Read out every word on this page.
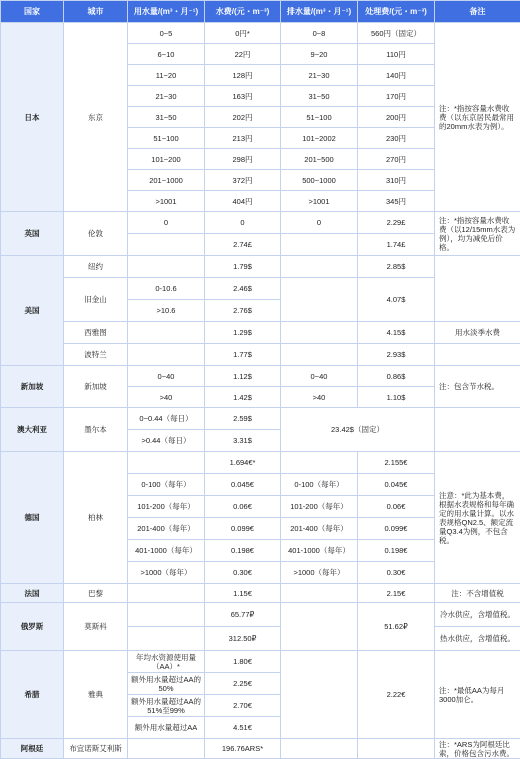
国家	城市	用水量/(m³・月⁻¹)	水费/(元・m⁻³)	排水量/(m³・月⁻¹)	处理费/(元・m⁻³)	备注
日本	东京	0~5	0円*	0~8	560円（固定）	注：*指按容量水费收费（以东京居民最常用的20mm水表为例）。
		6~10	22円	9~20	110円	
		11~20	128円	21~30	140円	
		21~30	163円	31~50	170円	
		31~50	202円	51~100	200円	
		51~100	213円	101~2002	230円	
		101~200	298円	201~500	270円	
		201~1000	372円	500~1000	310円	
		>1001	404円	>1001	345円	
英国	伦敦	0	0	0	2.29£	注：*指按容量水费收费（以12/15mm水表为例），均为减免后价格。
			2.74£		1.74£	
美国	纽约		1.79$		2.85$	
	旧金山	0-10.6	2.46$		4.07$	
		>10.6	2.76$			
	西雅图		1.29$		4.15$	用水淡季水费
	波特兰		1.77$		2.93$	
新加坡	新加坡	0~40	1.12$	0~40	0.86$	注：包含节水税。
		>40	1.42$	>40	1.10$	
澳大利亚	墨尔本	0~0.44（每日）	2.59$	23.42$（固定）		
		>0.44（每日）	3.31$			
德国	柏林		1.694€*		2.155€	注意：*此为基本费，根据水表规格和每年确定的用水量计算。以水表规格QN2.5、额定流量Q3.4为例，不包含税。
		0-100（每年）	0.045€	0-100（每年）	0.045€	
		101-200（每年）	0.06€	101-200（每年）	0.06€	
		201-400（每年）	0.099€	201-400（每年）	0.099€	
		401-1000（每年）	0.198€	401-1000（每年）	0.198€	
		>1000（每年）	0.30€	>1000（每年）	0.30€	
法国	巴黎		1.15€		2.15€	注：不含增值税
俄罗斯	莫斯科		65.77₽		51.62₽	冷水供应，含增值税。
			312.50₽			热水供应，含增值税。
希腊	雅典	年均水资源使用量（AA）*	1.80€		2.22€	注：*最低AA为每月3000加仑。
		额外用水量超过AA的50%	2.25€			
		额外用水量超过AA的51%至99%	2.70€			
		额外用水量超过AA	4.51€			
阿根廷	布宜诺斯艾利斯		196.76ARS*			注：*ARS为阿根廷比索，价格包含污水费。
